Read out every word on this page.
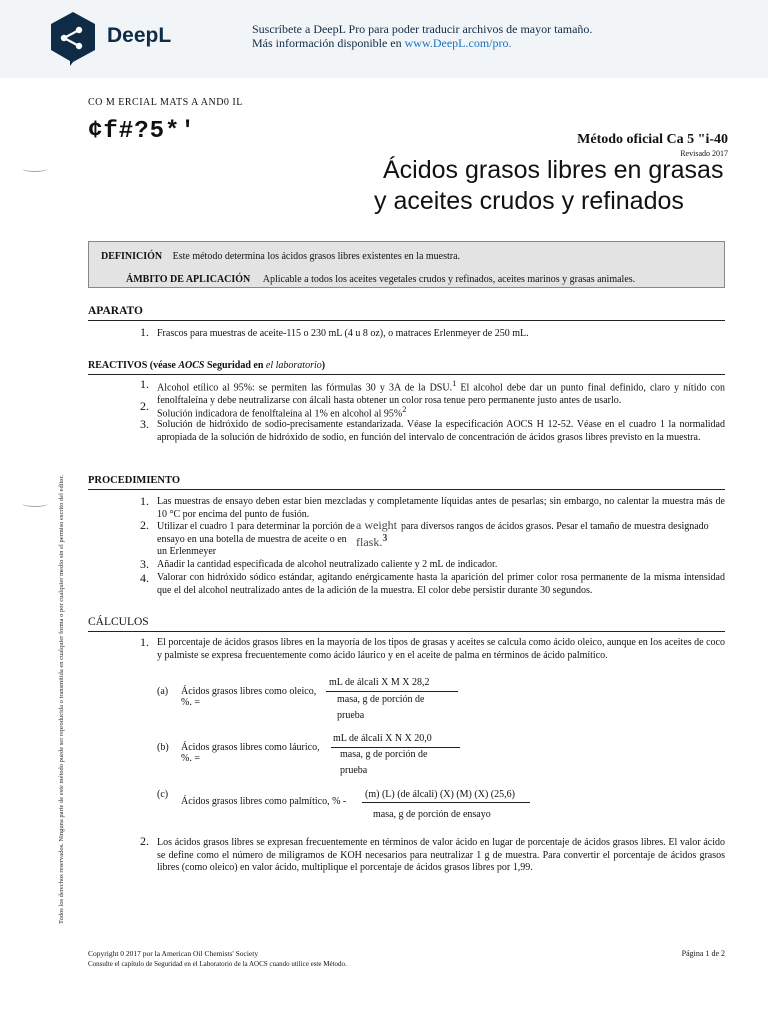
DeepL	Suscríbete a DeepL Pro para poder traducir archivos de mayor tamaño.
Más información disponible en www.DeepL.com/pro.
CO M ERCIAL MATS A AND0 IL
¢f#?5*'	Método oficial Ca 5 "i-40
Revisado 2017
Ácidos grasos libres en grasas
y aceites crudos y refinados
DEFINICIÓN Este método determina los ácidos grasos libres existentes en la muestra.
ÁMBITO DE APLICACIÓN Aplicable a todos los aceites vegetales crudos y refinados, aceites marinos y grasas animales.
APARATO
1. Frascos para muestras de aceite-115 o 230 mL (4 u 8 oz), o matraces Erlenmeyer de 250 mL.
REACTIVOS (véase AOCS Seguridad en el laboratorio)
1. Alcohol etílico al 95%: se permiten las fórmulas 30 y 3A de la DSU.$^1$ El alcohol debe dar un punto final definido, claro y nítido con fenolftaleína y debe neutralizarse con álcali hasta obtener un color rosa tenue pero permanente justo antes de usarlo.
2.
Solución indicadora de fenolftaleína al 1% en alcohol al 95%$^2$
3. Solución de hidróxido de sodio-precisamente estandarizada. Véase la especificación AOCS H 12-52. Véase en el cuadro 1 la normalidad apropiada de la solución de hidróxido de sodio, en función del intervalo de concentración de ácidos grasos libres previsto en la muestra.
PROCEDIMIENTO
1. Las muestras de ensayo deben estar bien mezcladas y completamente líquidas antes de pesarlas; sin embargo, no calentar la muestra más de 10 °C por encima del punto de fusión.
2. Utilizar el cuadro 1 para determinar la porción de ensayo en una botella de muestra de aceite o en un Erlenmeyer
a weight
flask.$^3$
para diversos rangos de ácidos grasos. Pesar el tamaño de muestra designado
3. Añadir la cantidad especificada de alcohol neutralizado caliente y 2 mL de indicador.
4. Valorar con hidróxido sódico estándar, agitando enérgicamente hasta la aparición del primer color rosa permanente de la misma intensidad que el del alcohol neutralizado antes de la adición de la muestra. El color debe persistir durante 30 segundos.
CÁLCULOS
1. El porcentaje de ácidos grasos libres en la mayoría de los tipos de grasas y aceites se calcula como ácido oleico, aunque en los aceites de coco y palmiste se expresa frecuentemente como ácido láurico y en el aceite de palma en términos de ácido palmítico.
(a) Ácidos grasos libres como oleico, %. =
mL de álcali X M X 28,2
masa, g de porción de
prueba
(b) Ácidos grasos libres como láurico, %. =
mL de álcali X N X 20,0
masa, g de porción de
prueba
(c)
Ácidos grasos libres como palmítico, % -
(m) (L) (de álcali) (X) (M) (X) (25,6)
masa, g de porción de ensayo
2. Los ácidos grasos libres se expresan frecuentemente en términos de valor ácido en lugar de porcentaje de ácidos grasos libres. El valor ácido se define como el número de miligramos de KOH necesarios para neutralizar 1 g de muestra. Para convertir el porcentaje de ácidos grasos libres (como oleico) en valor ácido, multiplique el porcentaje de ácidos grasos libres por 1,99.
Todos los derechos reservados. Ninguna parte de este método puede ser reproducida o transmitida en cualquier forma o por cualquier medio sin el permiso escrito del editor.
Copyright 0 2017 por la American Oil Chemists' Society
Consulte el capítulo de Seguridad en el Laboratorio de la AOCS cuando utilice este Método.
Página 1 de 2
